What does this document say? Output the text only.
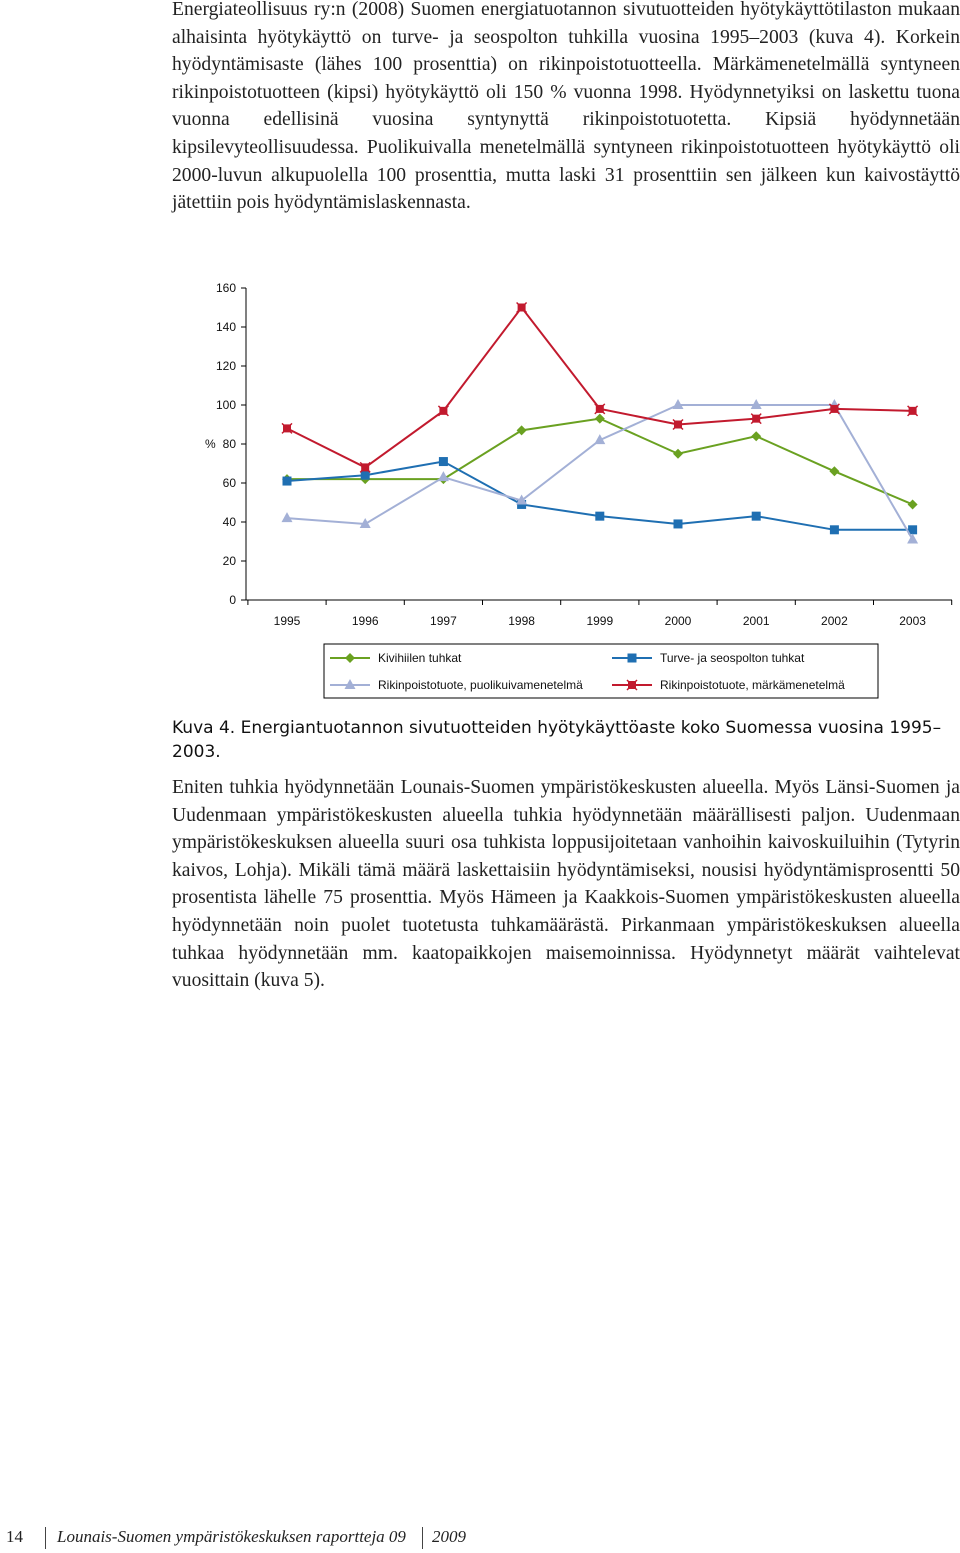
Energiateollisuus ry:n (2008) Suomen energiatuotannon sivutuotteiden hyötykäyttötilaston mukaan alhaisinta hyötykäyttö on turve- ja seospolton tuhkilla vuosina 1995–2003 (kuva 4). Korkein hyödyntämisaste (lähes 100 prosenttia) on rikinpoistotuotteella. Märkämenetelmällä syntyneen rikinpoistotuotteen (kipsi) hyötykäyttö oli 150 % vuonna 1998. Hyödynnetyiksi on laskettu tuona vuonna edellisinä vuosina syntynyttä rikinpoistotuotetta. Kipsiä hyödynnetään kipsilevyteollisuudessa. Puolikuivalla menetelmällä syntyneen rikinpoistotuotteen hyötykäyttö oli 2000-luvun alkupuolella 100 prosenttia, mutta laski 31 prosenttiin sen jälkeen kun kaivostäyttö jätettiin pois hyödyntämislaskennasta.

0
20
40
60
80
100
120
140
160
%
1995	1996	1997	1998	1999	2000	2001	2002	2003
Kivihiilen tuhkat	Turve- ja seospolton tuhkat
Rikinpoistotuote, puolikuivamenetelmä	Rikinpoistotuote, märkämenetelmä

Kuva 4. Energiantuotannon sivutuotteiden hyötykäyttöaste koko Suomessa vuosina 1995–2003.

Eniten tuhkia hyödynnetään Lounais-Suomen ympäristökeskusten alueella. Myös Länsi-Suomen ja Uudenmaan ympäristökeskusten alueella tuhkia hyödynnetään määrällisesti paljon. Uudenmaan ympäristökeskuksen alueella suuri osa tuhkista loppusijoitetaan vanhoihin kaivoskuiluihin (Tytyrin kaivos, Lohja). Mikäli tämä määrä laskettaisiin hyödyntämiseksi, nousisi hyödyntämisprosentti 50 prosentista lähelle 75 prosenttia. Myös Hämeen ja Kaakkois-Suomen ympäristökeskusten alueella hyödynnetään noin puolet tuotetusta tuhkamäärästä. Pirkanmaan ympäristökeskuksen alueella tuhkaa hyödynnetään mm. kaatopaikkojen maisemoinnissa. Hyödynnetyt määrät vaihtelevat vuosittain (kuva 5).

14 Lounais-Suomen ympäristökeskuksen raportteja 09 2009
